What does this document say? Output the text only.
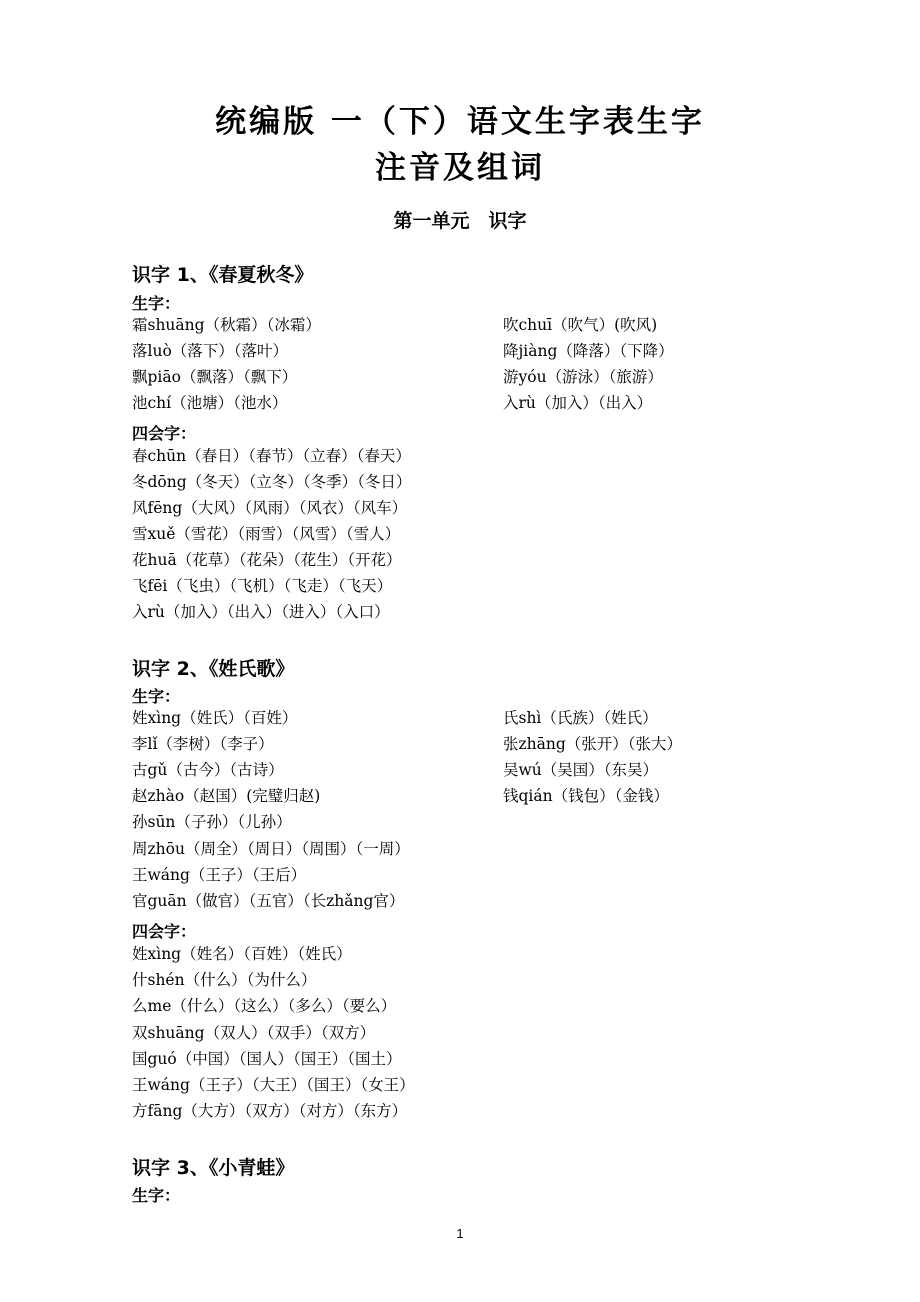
统编版 一（下）语文生字表生字
注音及组词
第一单元　识字
识字 1、《春夏秋冬》
生字：
霜shuāng（秋霜）（冰霜）
落luò（落下）（落叶）
飘piāo（飘落）（飘下）
池chí（池塘）（池水）
吹chuī（吹气）(吹风)
降jiàng（降落）（下降）
游yóu（游泳）（旅游）
入rù（加入）（出入）
四会字：
春chūn（春日）（春节）（立春）（春天）
冬dōng（冬天）（立冬）（冬季）（冬日）
风fēng（大风）（风雨）（风衣）（风车）
雪xuě（雪花）（雨雪）（风雪）（雪人）
花huā（花草）（花朵）（花生）（开花）
飞fēi（飞虫）（飞机）（飞走）（飞天）
入rù（加入）（出入）（进入）（入口）
识字 2、《姓氏歌》
生字：
姓xìng（姓氏）（百姓）
李lǐ（李树）（李子）
古gǔ（古今）（古诗）
赵zhào（赵国）(完璧归赵)
孙sūn（子孙）（儿孙）
周zhōu（周全）（周日）（周围）（一周）
王wáng（王子）（王后）
官guān（做官）（五官）（长zhǎng官）
氏shì（氏族）（姓氏）
张zhāng（张开）（张大）
吴wú（吴国）（东吴）
钱qián（钱包）（金钱）
四会字：
姓xìng（姓名）（百姓）（姓氏）
什shén（什么）（为什么）
么me（什么）（这么）（多么）（要么）
双shuāng（双人）（双手）（双方）
国guó（中国）（国人）（国王）（国土）
王wáng（王子）（大王）（国王）（女王）
方fāng（大方）（双方）（对方）（东方）
识字 3、《小青蛙》
生字：
1
